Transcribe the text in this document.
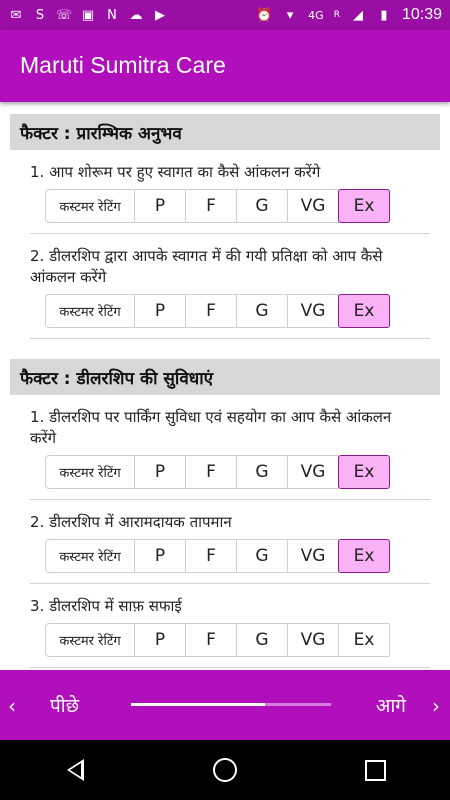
✉ S ☏ ▣ N ☁ ▶	⏰	▾	4G R ◢	▮ 10:39
Maruti Sumitra Care
फैक्टर : प्रारम्भिक अनुभव
1. आप शोरूम पर हुए स्वागत का कैसे आंकलन करेंगे
कस्टमर रेटिंग	P	F	G	VG	Ex
2. डीलरशिप द्वारा आपके स्वागत में की गयी प्रतिक्षा को आप कैसे आंकलन करेंगे
कस्टमर रेटिंग	P	F	G	VG	Ex
फैक्टर : डीलरशिप की सुविधाएं
1. डीलरशिप पर पार्किंग सुविधा एवं सहयोग का आप कैसे आंकलन करेंगे
कस्टमर रेटिंग	P	F	G	VG	Ex
2. डीलरशिप में आरामदायक तापमान
कस्टमर रेटिंग	P	F	G	VG	Ex
3. डीलरशिप में साफ़ सफाई
कस्टमर रेटिंग	P	F	G	VG	Ex
‹ पीछे	आगे ›
